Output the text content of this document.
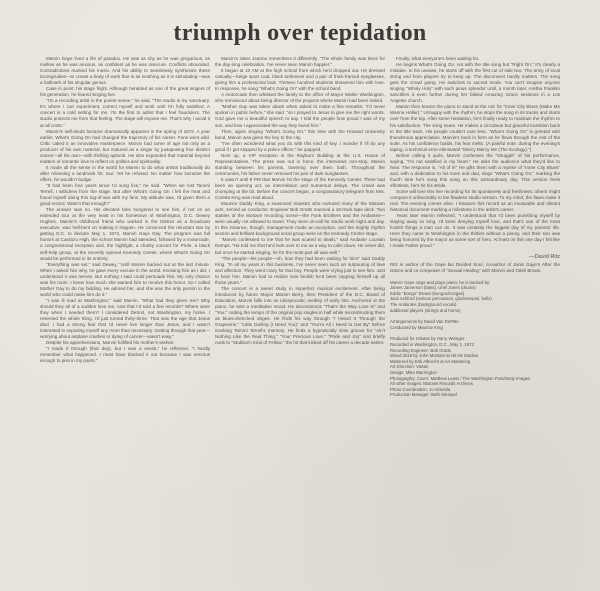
triumph over tepidation

Marvin Gaye lived a life of paradox. He was as shy as he was gregarious, as mellow as he was anxious, as confident as he was insecure. Conflicts abounded. Contradictions marked his music. And his ability to seamlessly synthesize these incongruities—to create a body of work that is as soothing as it is stimulating—was a hallmark of his singular genius.

Case in point: his stage fright. Although heralded as one of the great singers of his generation, he feared singing live.

"I'm a recording artist in the purest sense," he said. "The studio is my sanctuary. It's where I can experiment, correct myself and work until I'm fully satisfied. A concert is a cold setting for me. I'm the first to admit that I feel fraudulent. The studio protects me from that feeling. The stage will expose me. That's why I avoid it at all costs."

Marvin's self-doubt became dramatically apparent in the spring of 1972. A year earlier, What's Going On had changed the trajectory of his career. Fans went wild. Critic called it an innovative masterpiece. Marvin had come of age not only as a producer of his own material, but matured as a singer by juxtaposing four distinct voices—all his own—with thrilling aplomb. He also expanded that material beyond matters of romantic love to reflect on politics and spirituality.

It made all the sense in the world for Marvin to do what artists traditionally do after releasing a landmark hit: tour. Yet he refused. No matter how lucrative the offers, he wouldn't budge.

"It had been four years since I'd sung live," he said. "When we lost Tammi Terrell, I withdrew from the stage. But after What's Going On I felt the heat and found myself doing this tug-of-war with my fans. My attitude was, I'd given them a good record. Wasn't that enough?"

The answer was no. His devoted fans hungered to see him, if not on an extended tour at the very least in his hometown of Washington, D.C. Dewey Hughes, Marvin's childhood friend who worked in the District as a broadcast executive, was hell-bent on making it happen. He convinced the reluctant star by getting D.C. to declare May 1, 1972, Marvin Gaye Day. The program was full honors at Cardozo High, the school Marvin had attended, followed by a motorcade, a congressional reception and, the highlight, a charity concert for Pride, a black self-help group, at the recently opened Kennedy Center, where What's Going On would be performed in its entirety.

"Everything was set," said Dewey, "until Marvin backed out at the last minute. When I asked him why, he gave every excuse in the world. Knowing him as I did, I understood it was nerves. But nothing I said could persuade him. My only chance was his mom. I knew how much she wanted him to receive this honor. So I called Mother Gay to do my bidding. He adored her, and she was the only person in the world who could make him do it."

"I was ill mad at Washington," said Marvin. "What had they given me? Why should they all of a sudden love me, now that I'd sold a few records? Where were they when I needed them? I considered Detroit, not Washington, my home. I resented the whole thing. I'd just turned thirty-three. That was the age that Jesus died. I had a strong fear that I'd never live longer than Jesus, and I wasn't interested in exposing myself any more than necessary. Getting through that year—worrying about airplane crashes or dying of cancer—wasn't easy."

Despite his apprehensions, Marvin fulfilled his mother's wishes.

"I made it through (that day), but I was a wreck," he reflected. "I hardly remember what happened. I must have blocked it out because I was nervous enough to piss in my pants."

Marvin's sister Jeanne remembers it differently. "The whole family was there for the day-long celebration. I've never seen Marvin happier."

It began at 10 AM at the high school from which he'd dropped out. He dressed casually—beige sport coat, black turtleneck and a pair of thick-framed eyeglasses, giving him a professorial look. Thirteen hundred students showered him with love. In response, he sang "What's Going On" with the school band.

A motorcade then whisked the family to the office of Mayor Walter Washington, who reminisced about being director of the projects where Marvin had been raised.

"Mother Gay was taken aback when asked to make a few remarks. "I'd never spoken in public before," she said. "so I prayed to Jesus to give me the right words. God gave me a beautiful speech to say. I told the people how proud I was of my son, and how I appreciated the way they loved him."

Then, again singing "What's Going On," this time with the Howard University band, Marvin was given the key to the city.

"I've often wondered what you do with this kind of key. I wonder if I'll do any good if I get stopped by a police officer," he quipped.

Next up, a VIP reception in the Rayburn Building at the U.S. House of Representatives. The press was out in force, the interviews non-stop, Marvin standing between his parents, towering over them both. Throughout the ceremonies, his father never removed his pair of dark sunglasses.

It wasn't until 8 PM that Marvin hit the stage of the Kennedy Center. There had been an opening act, an intermission and numerous delays. The crowd was chomping at the bit. Before the concert began, a congratulatory telegram from Mrs. Coretta King was read aloud.

Maurice Daddy King, a seasoned maestro who nurtured many of the Motown acts, served as conductor. Engineer Bob Gratts manned a 16-track tape deck. Two stables of the Motown recording scene—the Funk Brothers and the Andantes—were usually not allowed to travel. They were on-call for studio work night and day. In this instance, though, management made an exception, and the mighty rhythm section and brilliant background vocal group were on the Kennedy Center stage.

"Marvin confessed to me that he was scared to death," said Andante Louvain Demps. "He told me that he'd look over to me as a way to calm down. He never did, but once he started singing, he for the most part all was well."

"The people—his people—oh, how they had been waiting for him!" said Daddy King. "In all my years in this business, I've never seen such an outpouring of love and affection. They went crazy for that boy. People were crying just to see him. Just to hear him. Marvin had to realize now foolish he'd been copping himself up all those years."

The concert is a sweet study in imperfect musical excitement. After being introduced by future Mayor Marion Berry, then President of the D.C. Board of Education, Marvin falls into an idiosyncratic medley of early hits. Anchored at the piano, he sets a meditative mood. He deconstructs "That's the Way Love Is" and "You," cutting the tempo of the original pop singles in half while reconstructing them as blues-drenched dirges. He finds his way through "I Heard It Through the Grapevine," "Little Darling (I Need You)" and "You're All I Need to Get By" before invoking Tammi Terrell's memory. He finds a hypnotically slow groove for "Ain't Nothing Like the Real Thing," "Your Precious Love," "Pride and Joy" and briefly nods to "Stubborn Kind of Fellow," the hit that kicked off his career a decade earlier.

Finally, what everyone's been waiting for.

He begins What's Going On, not with the title song but "Right On." It's clearly a mistake. In his unease, he starts off with the first cut of side two. The army of local string and horn players try to keep up. The disconnect hardly matters. The song gets the crowd going. He switches to sacred mode. You can't imagine anyone singing "Wholy Holy" with such pious splendor until, a month later, Aretha Franklin sanctifies it even further during her fabled Amazing Grace sessions in a Los Angeles church.

Marvin then leaves the piano to stand at the mic for "Inner City Blues (Make Me Wanna Holler)." Unhappy with the rhythm, he stops the song in its tracks and starts over from the top. After some hesitation, he's finally ready to maintain the rhythm to his satisfaction. The song soars. He makes a circuitous but graceful transition back to the title track. His people couldn't care less. "What's Going On" is greeted with thunderous appreciation. Marvin's back in form as he flows through the rest of the suite. As his confidence builds, his fear melts. (A painful note: during the evening's taping, a technical error eliminated "Mercy Mercy Me (The Ecology).")

Before calling it quits, Marvin confesses the "struggle" of his performance, saying, "I'm not satisfied in my heart." He asks the audience what they'd like to hear. The response is, "All of it!" He gifts them with a reprise of "Inner City Blues" and, with a dedication to his mom and dad, sings "What's Going On," marking the fourth time he's sung this song on this extraordinary day. This version feels effortless, he's hit his stride.

Some will love this live recording for its spontaneity and freshness; others might compare it unfavorably to the flawless studio version. To my mind, the flaws make it real. The evening comes alive. I treasure this record as an invaluable and vibrant historical document marking a milestone in the artist's career.

Years later Marvin reflected, "I understood that I'd been punishing myself by staying away so long. I'd been denying myself love, and that's one of the most foolish things a man can do. It was certainly the biggest day of my parents' life. Here they came to Washington in the thirties without a penny, and their son was being honored by the mayor as some sort of hero. At least on this one day I felt like I made Father proud."

—David Ritz

Ritz is author of the Gaye bio Divided Soul, co-author of Janis Gaye's After the Dance and co-composer of "Sexual Healing" with Marvin and Odell Brown.

Marvin Gaye sings and plays piano; he is backed by:
James Jamerson (bass), Uriel Jones (drums)
Eddie "Bongo" Brown (bongos/congas)
Jack Ashford (various percussion, glockenspiel, bells)
The Andantes (background vocals)
additional players (strings and horns)
Arrangements by David Van DePitte
Conducted by Maurice King
Produced for release by Harry Weinger
Recorded in Washington, D.C., May 1, 1972
Recording Engineer: Bob Gratts
Mixed 2019 by John Morales at Hit Hit Studios
Mastered by Erik Albrecht at AA Mastering
Art Direction: Vartan
Design: Mike Warrington
Photography: Cover: Matthew Lewis / The Washington Post/Getty Images
All other images: Motown Records Archives
Photo Coordination: Jo Almeida
Production Manager: Beth Stempel
